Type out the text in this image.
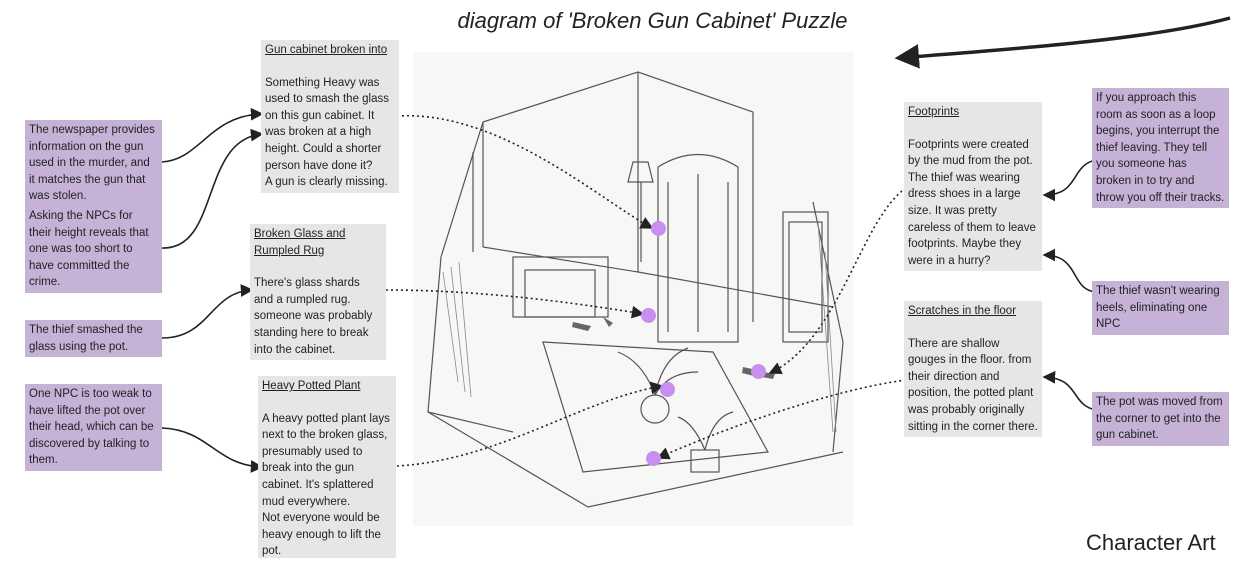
diagram of 'Broken Gun Cabinet' Puzzle
Gun cabinet broken into
Something Heavy was used to smash the glass on this gun cabinet. It was broken at a high height. Could a shorter person have done it?
A gun is clearly missing.
Broken Glass and Rumpled Rug
There's glass shards and a rumpled rug. someone was probably standing here to break into the cabinet.
Heavy Potted Plant
A heavy potted plant lays next to the broken glass, presumably used to break into the gun cabinet. It's splattered mud everywhere.
Not everyone would be heavy enough to lift the pot.
Footprints
Footprints were created by the mud from the pot. The thief was wearing dress shoes in a large size. It was pretty careless of them to leave footprints. Maybe they were in a hurry?
Scratches in the floor
There are shallow gouges in the floor. from their direction and position, the potted plant was probably originally sitting in the corner there.
The newspaper provides information on the gun used in the murder, and it matches the gun that was stolen.
Asking the NPCs for their height reveals that one was too short to have committed the crime.
The thief smashed the glass using the pot.
One NPC is too weak to have lifted the pot over their head, which can be discovered by talking to them.
If you approach this room as soon as a loop begins, you interrupt the thief leaving. They tell you someone has broken in to try and throw you off their tracks.
The thief wasn't wearing heels, eliminating one NPC
The pot was moved from the corner to get into the gun cabinet.
Character Art
